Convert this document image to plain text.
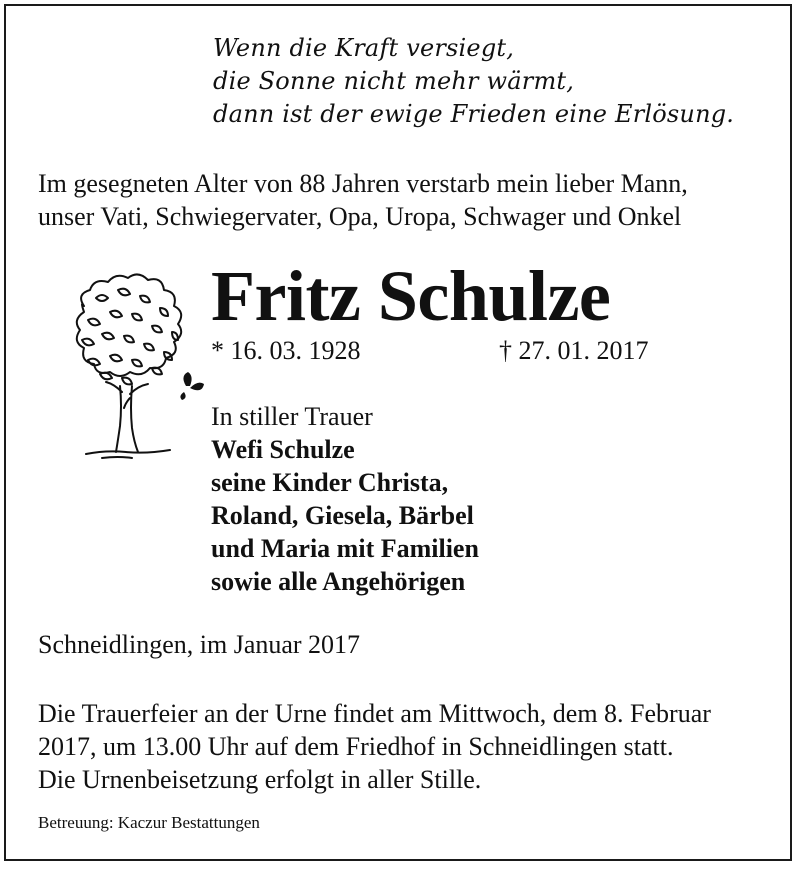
Wenn die Kraft versiegt,
die Sonne nicht mehr wärmt,
dann ist der ewige Frieden eine Erlösung.
Im gesegneten Alter von 88 Jahren verstarb mein lieber Mann,
unser Vati, Schwiegervater, Opa, Uropa, Schwager und Onkel
Fritz Schulze
* 16. 03. 1928	† 27. 01. 2017
In stiller Trauer
Wefi Schulze
seine Kinder Christa,
Roland, Giesela, Bärbel
und Maria mit Familien
sowie alle Angehörigen
Schneidlingen, im Januar 2017
Die Trauerfeier an der Urne findet am Mittwoch, dem 8. Februar
2017, um 13.00 Uhr auf dem Friedhof in Schneidlingen statt.
Die Urnenbeisetzung erfolgt in aller Stille.
Betreuung: Kaczur Bestattungen
